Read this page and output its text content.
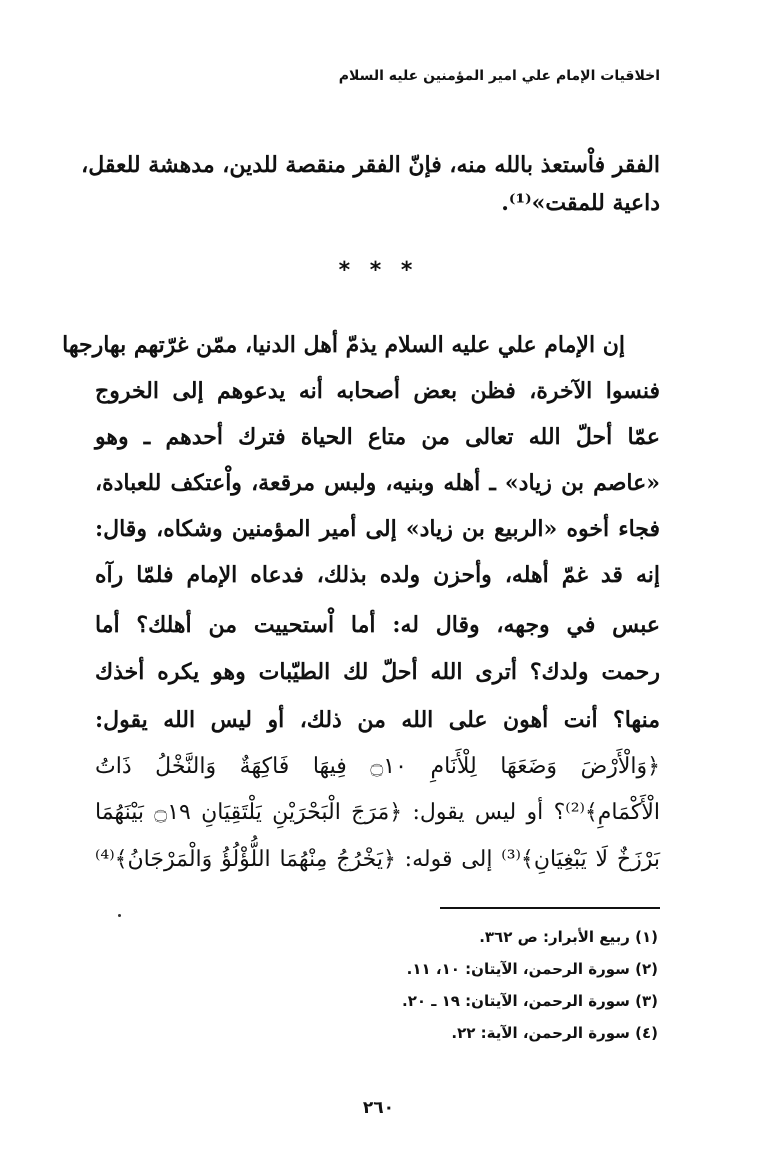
اخلاقيات الإمام علي امير المؤمنين عليه السلام
الفقر فاْستعذ بالله منه، فإنّ الفقر منقصة للدين، مدهشة للعقل،
داعية للمقت»⁽¹⁾.
* * *
إن الإمام علي عليه السلام يذمّ أهل الدنيا، ممّن غرّتهم بهارجها
فنسوا الآخرة، فظن بعض أصحابه أنه يدعوهم إلى الخروج
عمّا أحلّ الله تعالى من متاع الحياة فترك أحدهم ـ وهو
«عاصم بن زياد» ـ أهله وبنيه، ولبس مرقعة، واْعتكف للعبادة،
فجاء أخوه «الربيع بن زياد» إلى أمير المؤمنين وشكاه، وقال:
إنه قد غمّ أهله، وأحزن ولده بذلك، فدعاه الإمام فلمّا رآه
عبس في وجهه، وقال له: أما اْستحييت من أهلك؟ أما
رحمت ولدك؟ أترى الله أحلّ لك الطيّبات وهو يكره أخذك
منها؟ أنت أهون على الله من ذلك، أو ليس الله يقول:
﴿وَالْأَرْضَ وَضَعَهَا لِلْأَنَامِ ۝١٠ فِيهَا فَاكِهَةٌ وَالنَّخْلُ ذَاتُ
الْأَكْمَامِ﴾⁽²⁾؟ أو ليس يقول: ﴿مَرَجَ الْبَحْرَيْنِ يَلْتَقِيَانِ ۝١٩ بَيْنَهُمَا
بَرْزَخٌ لَا يَبْغِيَانِ﴾⁽³⁾ إلى قوله: ﴿يَخْرُجُ مِنْهُمَا اللُّؤْلُؤُ وَالْمَرْجَانُ﴾⁽⁴⁾
(١) ربيع الأبرار: ص ٣٦٢.
(٢) سورة الرحمن، الآيتان: ١٠، ١١.
(٣) سورة الرحمن، الآيتان: ١٩ ـ ٢٠.
(٤) سورة الرحمن، الآية: ٢٢.
٢٦٠
